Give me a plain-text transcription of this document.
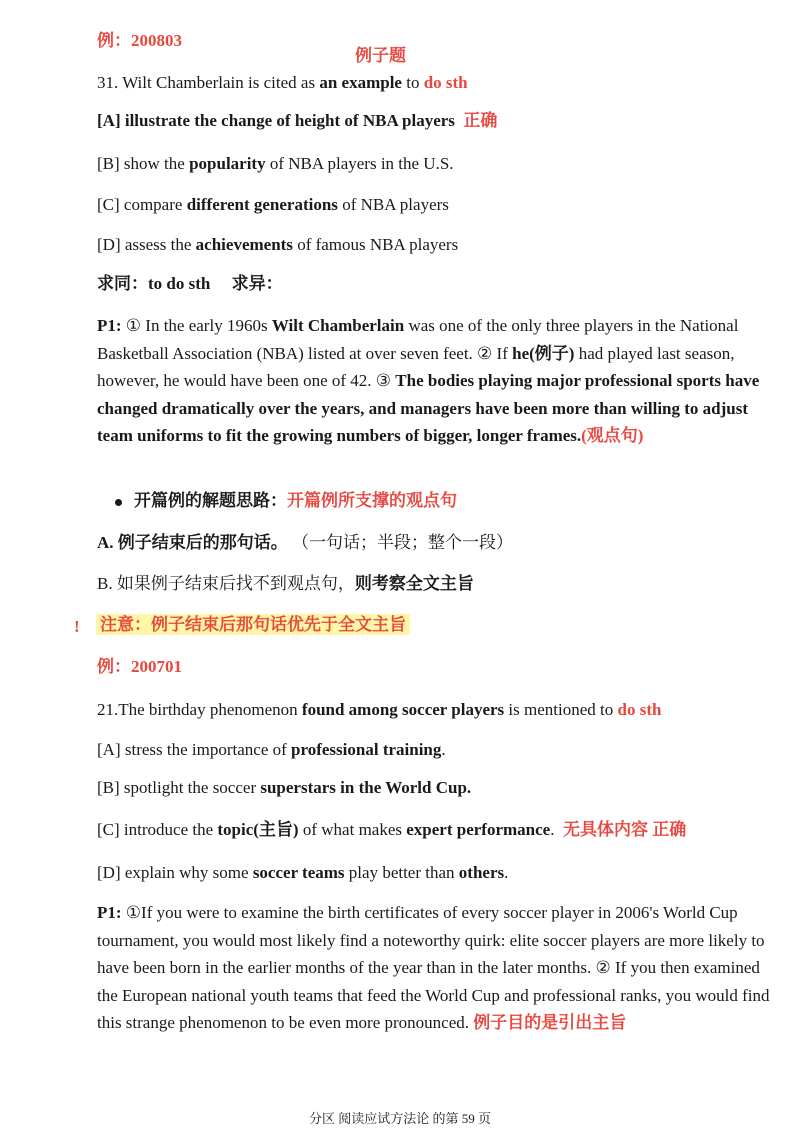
例：200803
例子题
31. Wilt Chamberlain is cited as an example to do sth
[A] illustrate the change of height of NBA players 正确
[B] show the popularity of NBA players in the U.S.
[C] compare different generations of NBA players
[D] assess the achievements of famous NBA players
求同：to do sth 求异：
P1: ① In the early 1960s Wilt Chamberlain was one of the only three players in the National Basketball Association (NBA) listed at over seven feet. ② If he(例子) had played last season, however, he would have been one of 42. ③ The bodies playing major professional sports have changed dramatically over the years, and managers have been more than willing to adjust team uniforms to fit the growing numbers of bigger, longer frames.(观点句)
开篇例的解题思路：开篇例所支撑的观点句
A. 例子结束后的那句话。 （一句话；半段；整个一段）
B. 如果例子结束后找不到观点句，则考察全文主旨
!	注意：例子结束后那句话优先于全文主旨
例：200701
21.The birthday phenomenon found among soccer players is mentioned to do sth
[A] stress the importance of professional training.
[B] spotlight the soccer superstars in the World Cup.
[C] introduce the topic(主旨) of what makes expert performance. 无具体内容 正确
[D] explain why some soccer teams play better than others.
P1: ①If you were to examine the birth certificates of every soccer player in 2006's World Cup tournament, you would most likely find a noteworthy quirk: elite soccer players are more likely to have been born in the earlier months of the year than in the later months. ② If you then examined the European national youth teams that feed the World Cup and professional ranks, you would find this strange phenomenon to be even more pronounced. 例子目的是引出主旨
分区 阅读应试方法论 的第 59 页
